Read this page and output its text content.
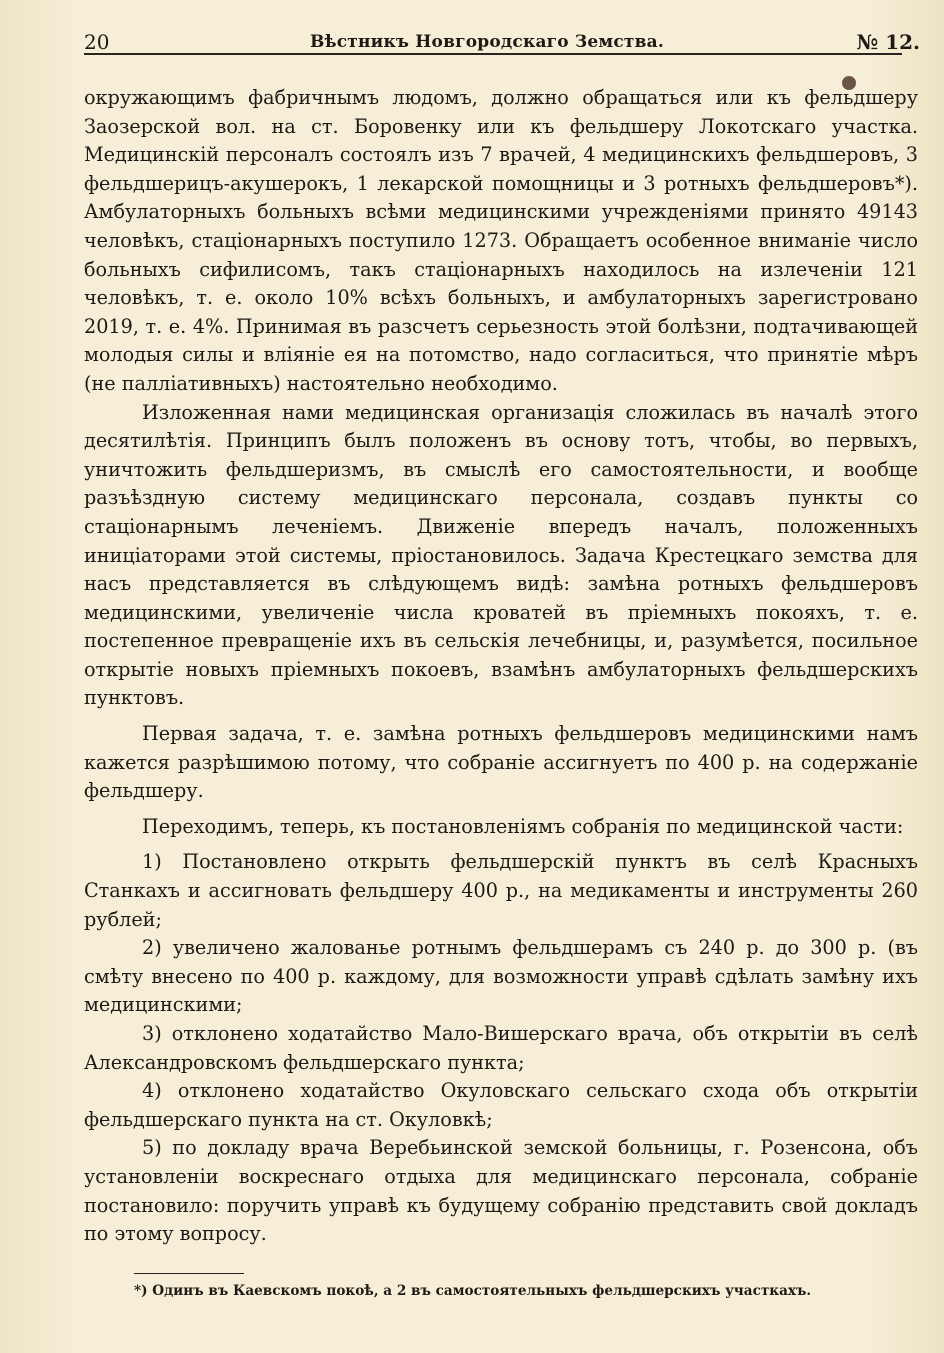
20	Вѣстникъ Новгородскаго Земства.	№ 12.

окружающимъ фабричнымъ людомъ, должно обращаться или къ фельдшеру Заозерской вол. на ст. Боровенку или къ фельдшеру Локотскаго участка. Медицинскій персоналъ состоялъ изъ 7 врачей, 4 медицинскихъ фельдшеровъ, 3 фельдшерицъ-акушерокъ, 1 лекарской помощницы и 3 ротныхъ фельдшеровъ*). Амбулаторныхъ больныхъ всѣми медицинскими учрежденіями принято 49143 человѣкъ, стаціонарныхъ поступило 1273. Обращаетъ особенное вниманіе число больныхъ сифилисомъ, такъ стаціонарныхъ находилось на излеченіи 121 человѣкъ, т. е. около 10% всѣхъ больныхъ, и амбулаторныхъ зарегистровано 2019, т. е. 4%. Принимая въ разсчетъ серьезность этой болѣзни, подтачивающей молодыя силы и вліяніе ея на потомство, надо согласиться, что принятіе мѣръ (не палліативныхъ) настоятельно необходимо.

Изложенная нами медицинская организація сложилась въ началѣ этого десятилѣтія. Принципъ былъ положенъ въ основу тотъ, чтобы, во первыхъ, уничтожить фельдшеризмъ, въ смыслѣ его самостоятельности, и вообще разъѣздную систему медицинскаго персонала, создавъ пункты со стаціонарнымъ леченіемъ. Движеніе впередъ началъ, положенныхъ иниціаторами этой системы, пріостановилось. Задача Крестецкаго земства для насъ представляется въ слѣдующемъ видѣ: замѣна ротныхъ фельдшеровъ медицинскими, увеличеніе числа кроватей въ пріемныхъ покояхъ, т. е. постепенное превращеніе ихъ въ сельскія лечебницы, и, разумѣется, посильное открытіе новыхъ пріемныхъ покоевъ, взамѣнъ амбулаторныхъ фельдшерскихъ пунктовъ.

Первая задача, т. е. замѣна ротныхъ фельдшеровъ медицинскими намъ кажется разрѣшимою потому, что собраніе ассигнуетъ по 400 р. на содержаніе фельдшеру.

Переходимъ, теперь, къ постановленіямъ собранія по медицинской части:

1) Постановлено открыть фельдшерскій пунктъ въ селѣ Красныхъ Станкахъ и ассигновать фельдшеру 400 р., на медикаменты и инструменты 260 рублей;

2) увеличено жалованье ротнымъ фельдшерамъ съ 240 р. до 300 р. (въ смѣту внесено по 400 р. каждому, для возможности управѣ сдѣлать замѣну ихъ медицинскими;

3) отклонено ходатайство Мало-Вишерскаго врача, объ открытіи въ селѣ Александровскомъ фельдшерскаго пункта;

4) отклонено ходатайство Окуловскаго сельскаго схода объ открытіи фельдшерскаго пункта на ст. Окуловкѣ;

5) по докладу врача Веребьинской земской больницы, г. Розенсона, объ установленіи воскреснаго отдыха для медицинскаго персонала, собраніе постановило: поручить управѣ къ будущему собранію представить свой докладъ по этому вопросу.

*) Одинъ въ Каевскомъ покоѣ, а 2 въ самостоятельныхъ фельдшерскихъ участкахъ.
